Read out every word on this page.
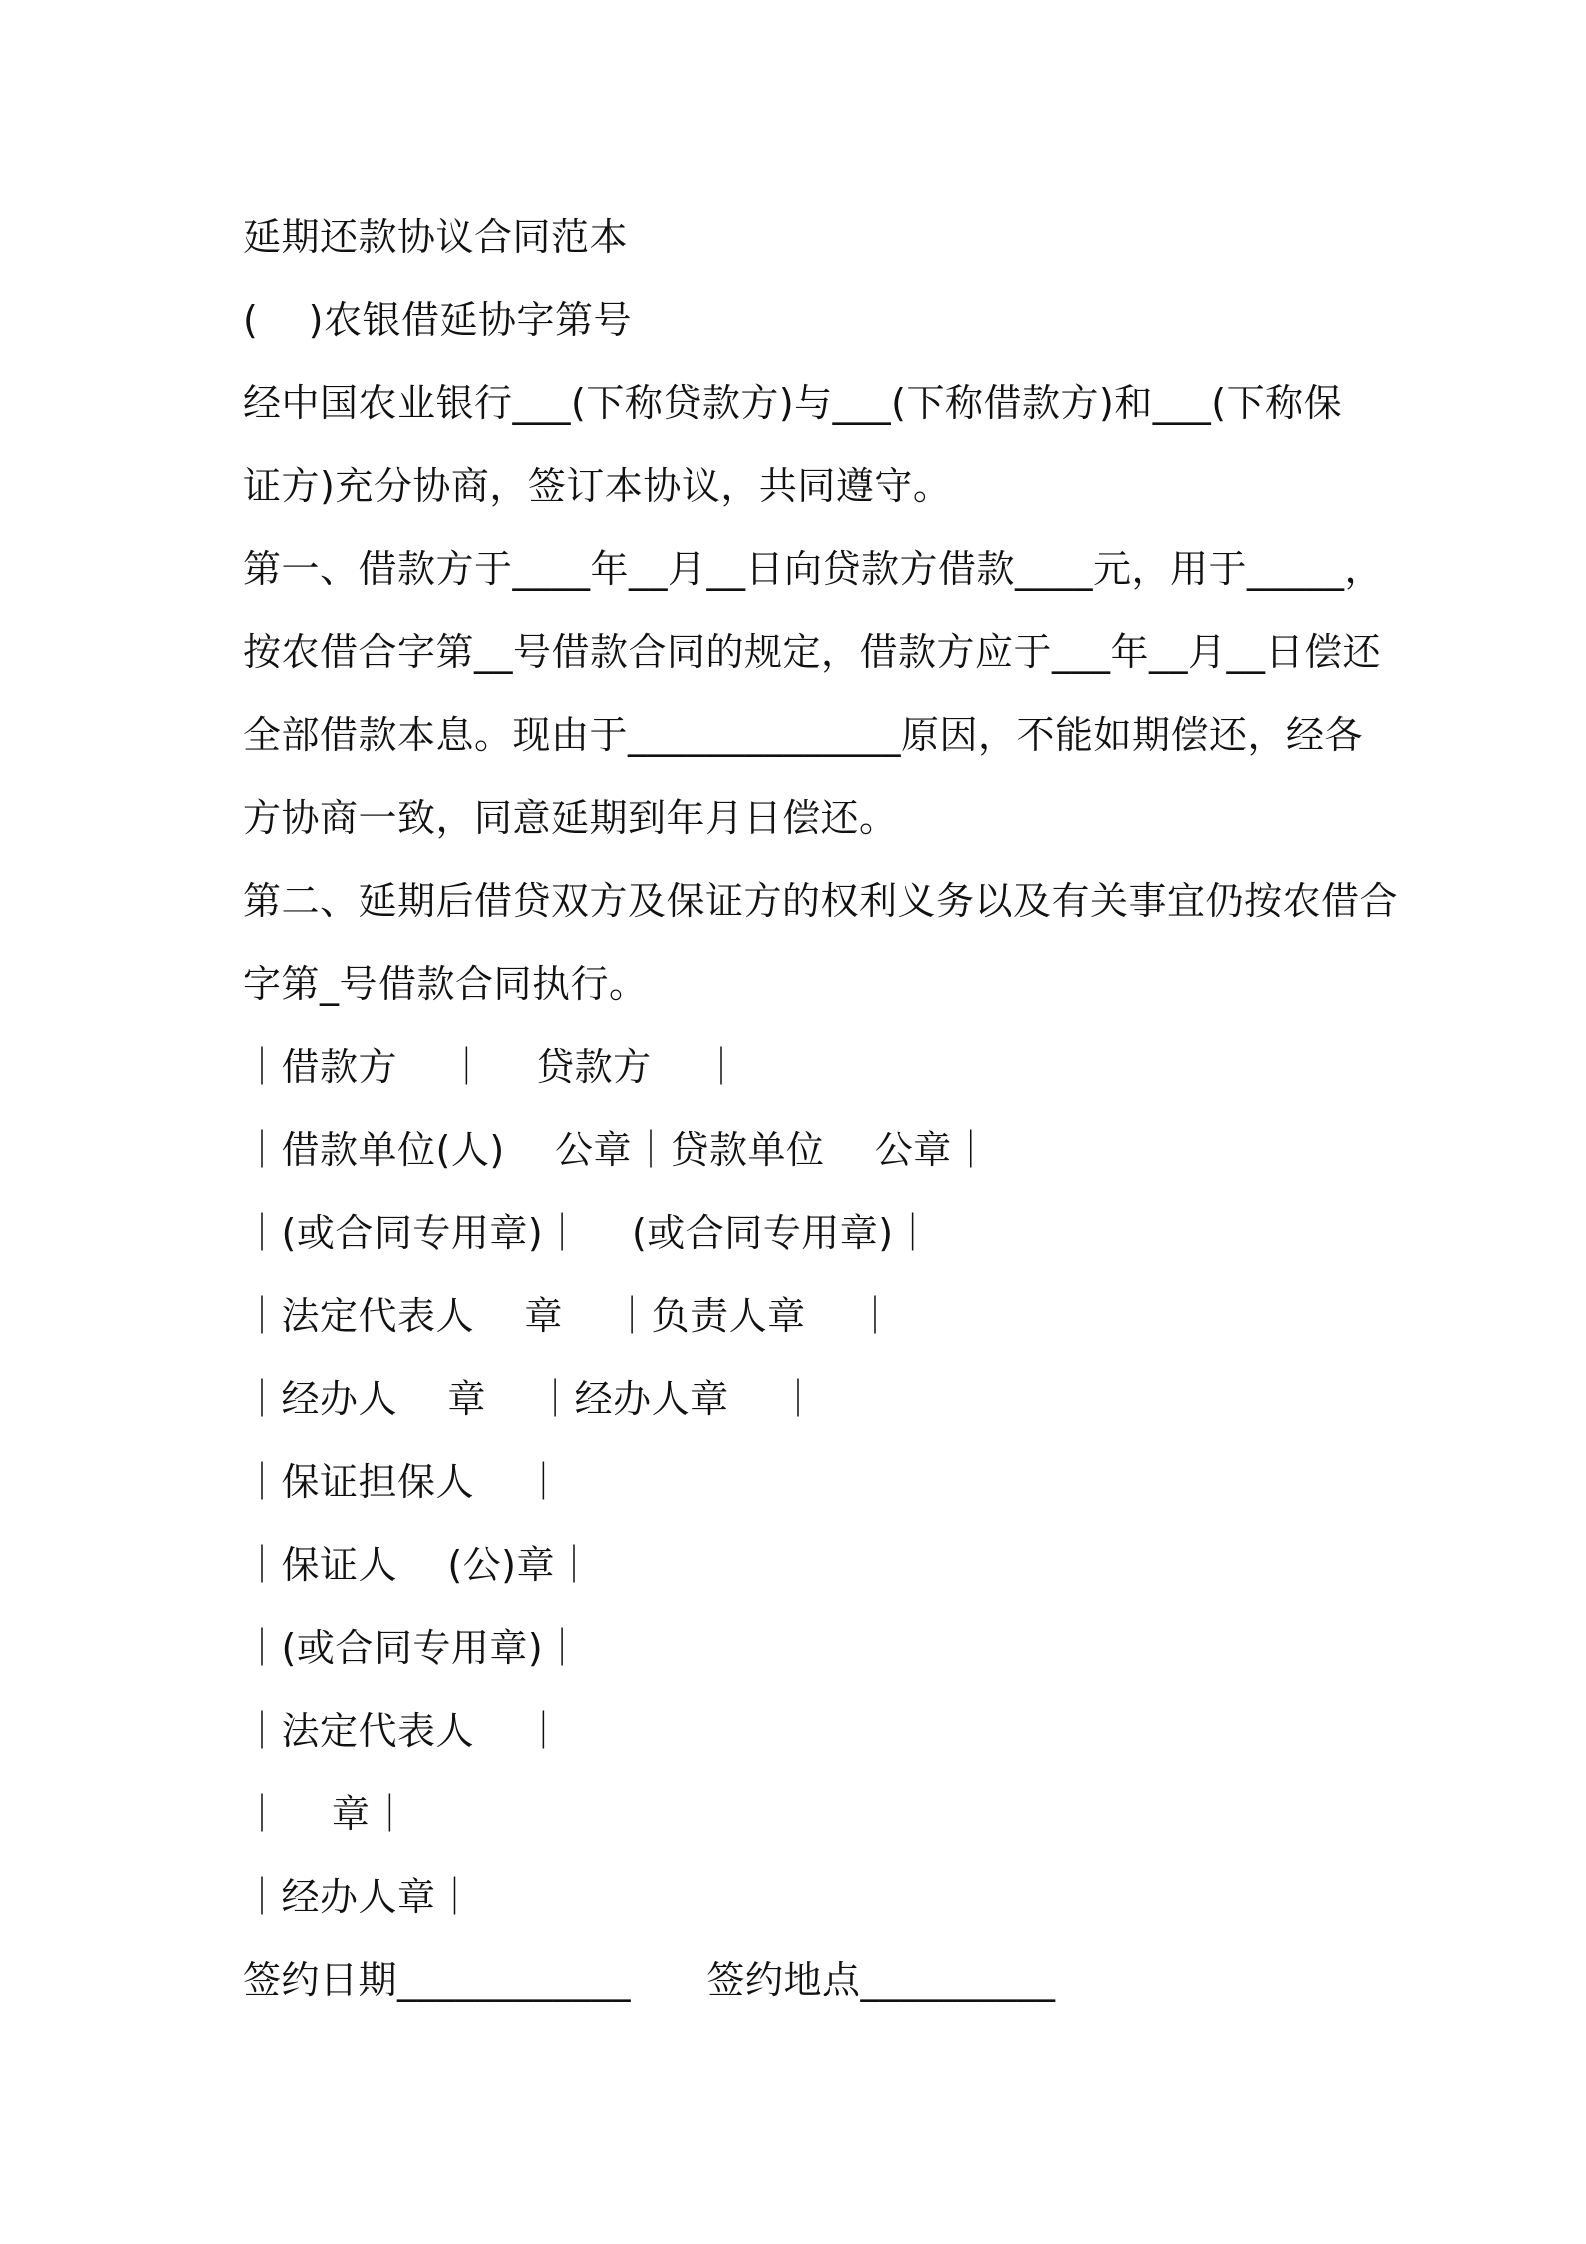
延期还款协议合同范本
(    )农银借延协字第号
经中国农业银行___(下称贷款方)与___(下称借款方)和___(下称保
证方)充分协商，签订本协议，共同遵守。
第一、借款方于____年__月__日向贷款方借款____元，用于_____，
按农借合字第__号借款合同的规定，借款方应于___年__月__日偿还
全部借款本息。现由于______________原因，不能如期偿还，经各
方协商一致，同意延期到年月日偿还。
第二、延期后借贷双方及保证方的权利义务以及有关事宜仍按农借合
字第_号借款合同执行。
｜借款方    ｜    贷款方    ｜
｜借款单位(人)    公章｜贷款单位    公章｜
｜(或合同专用章)｜    (或合同专用章)｜
｜法定代表人    章    ｜负责人章    ｜
｜经办人    章    ｜经办人章    ｜
｜保证担保人    ｜
｜保证人    (公)章｜
｜(或合同专用章)｜
｜法定代表人    ｜
｜    章｜
｜经办人章｜
签约日期____________      签约地点__________
